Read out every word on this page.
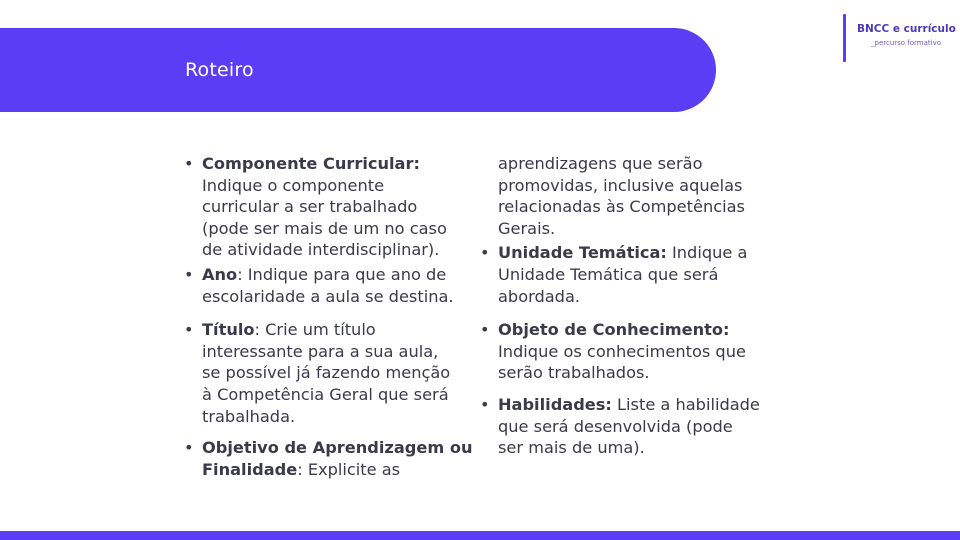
Roteiro
BNCC e currículo
_percurso formativo
• Componente Curricular:
Indique o componente
curricular a ser trabalhado
(pode ser mais de um no caso
de atividade interdisciplinar).
• Ano: Indique para que ano de
escolaridade a aula se destina.
• Título: Crie um título
interessante para a sua aula,
se possível já fazendo menção
à Competência Geral que será
trabalhada.
• Objetivo de Aprendizagem ou
Finalidade: Explicite as
aprendizagens que serão
promovidas, inclusive aquelas
relacionadas às Competências
Gerais.
• Unidade Temática: Indique a
Unidade Temática que será
abordada.
• Objeto de Conhecimento:
Indique os conhecimentos que
serão trabalhados.
• Habilidades: Liste a habilidade
que será desenvolvida (pode
ser mais de uma).
